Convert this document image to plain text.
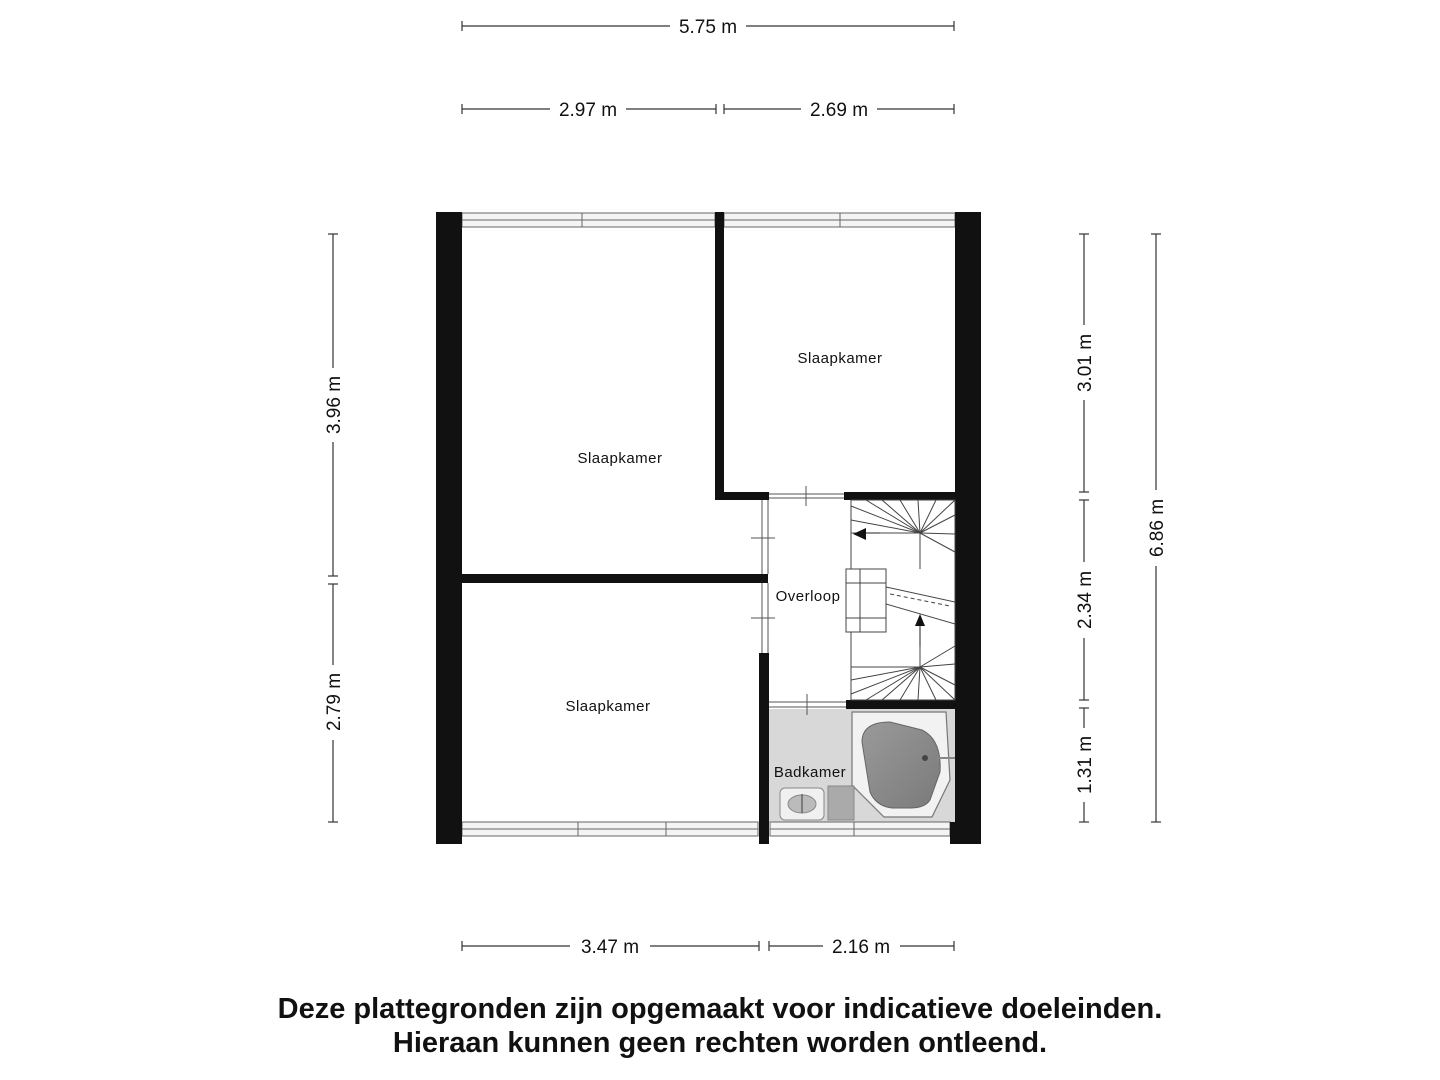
5.75 m
2.97 m	2.69 m
3.96 m
2.79 m
3.01 m
2.34 m
1.31 m
6.86 m
3.47 m	2.16 m
Slaapkamer
Slaapkamer
Slaapkamer
Overloop
Badkamer
Deze plattegronden zijn opgemaakt voor indicatieve doeleinden.
Hieraan kunnen geen rechten worden ontleend.
